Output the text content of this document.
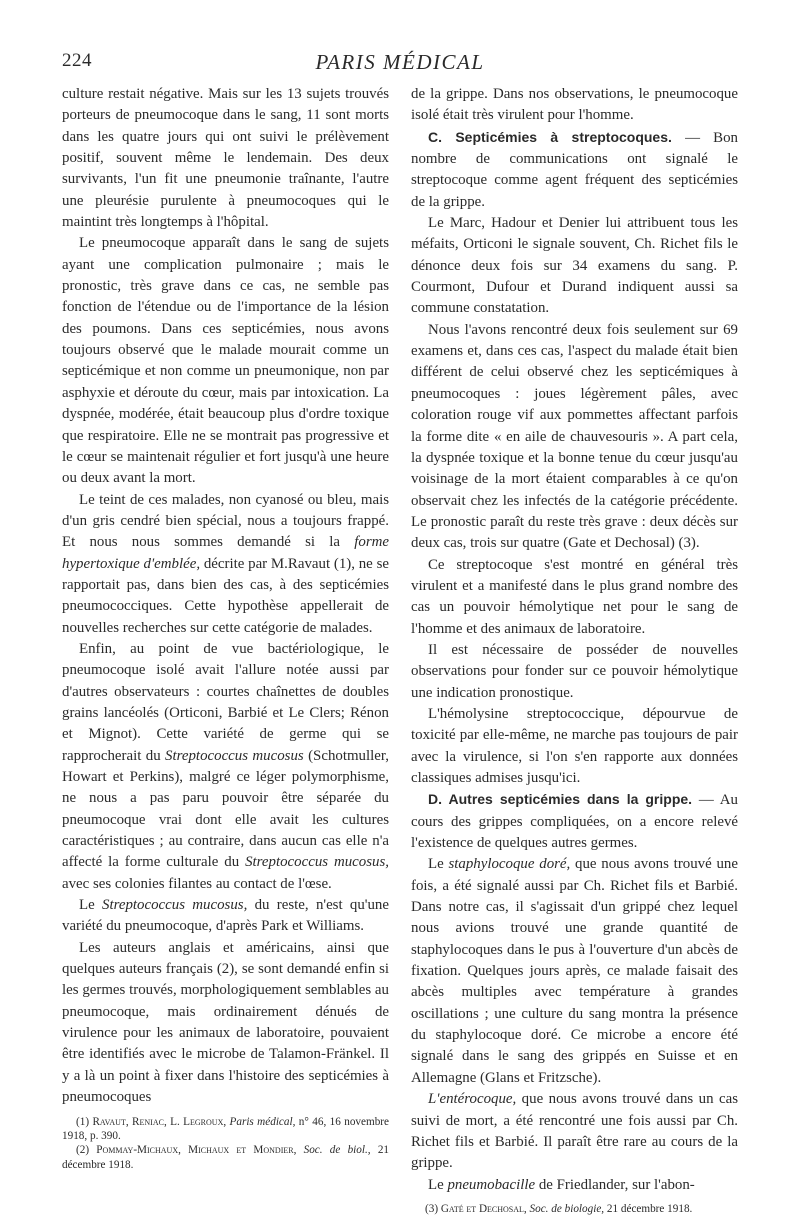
224	PARIS MÉDICAL

culture restait négative. Mais sur les 13 sujets trouvés porteurs de pneumocoque dans le sang, 11 sont morts dans les quatre jours qui ont suivi le prélèvement positif, souvent même le lendemain. Des deux survivants, l'un fit une pneumonie traînante, l'autre une pleurésie purulente à pneumocoques qui le maintint très longtemps à l'hôpital.

Le pneumocoque apparaît dans le sang de sujets ayant une complication pulmonaire ; mais le pronostic, très grave dans ce cas, ne semble pas fonction de l'étendue ou de l'importance de la lésion des poumons. Dans ces septicémies, nous avons toujours observé que le malade mourait comme un septicémique et non comme un pneumonique, non par asphyxie et déroute du cœur, mais par intoxication. La dyspnée, modérée, était beaucoup plus d'ordre toxique que respiratoire. Elle ne se montrait pas progressive et le cœur se maintenait régulier et fort jusqu'à une heure ou deux avant la mort.

Le teint de ces malades, non cyanosé ou bleu, mais d'un gris cendré bien spécial, nous a toujours frappé. Et nous nous sommes demandé si la forme hypertoxique d'emblée, décrite par M.Ravaut (1), ne se rapportait pas, dans bien des cas, à des septicémies pneumococciques. Cette hypothèse appellerait de nouvelles recherches sur cette catégorie de malades.

Enfin, au point de vue bactériologique, le pneumocoque isolé avait l'allure notée aussi par d'autres observateurs : courtes chaînettes de doubles grains lancéolés (Orticoni, Barbié et Le Clers; Rénon et Mignot). Cette variété de germe qui se rapprocherait du Streptococcus mucosus (Schotmuller, Howart et Perkins), malgré ce léger polymorphisme, ne nous a pas paru pouvoir être séparée du pneumocoque vrai dont elle avait les cultures caractéristiques ; au contraire, dans aucun cas elle n'a affecté la forme culturale du Streptococcus mucosus, avec ses colonies filantes au contact de l'œse.

Le Streptococcus mucosus, du reste, n'est qu'une variété du pneumocoque, d'après Park et Williams.

Les auteurs anglais et américains, ainsi que quelques auteurs français (2), se sont demandé enfin si les germes trouvés, morphologiquement semblables au pneumocoque, mais ordinairement dénués de virulence pour les animaux de laboratoire, pouvaient être identifiés avec le microbe de Talamon-Fränkel. Il y a là un point à fixer dans l'histoire des septicémies à pneumocoques

(1) Ravaut, Reniac, L. Legroux, Paris médical, n° 46, 16 novembre 1918, p. 390.

(2) Pommay-Michaux, Michaux et Mondier, Soc. de biol., 21 décembre 1918.

de la grippe. Dans nos observations, le pneumocoque isolé était très virulent pour l'homme.

C. Septicémies à streptocoques. — Bon nombre de communications ont signalé le streptocoque comme agent fréquent des septicémies de la grippe.

Le Marc, Hadour et Denier lui attribuent tous les méfaits, Orticoni le signale souvent, Ch. Richet fils le dénonce deux fois sur 34 examens du sang. P. Courmont, Dufour et Durand indiquent aussi sa commune constatation.

Nous l'avons rencontré deux fois seulement sur 69 examens et, dans ces cas, l'aspect du malade était bien différent de celui observé chez les septicémiques à pneumocoques : joues légèrement pâles, avec coloration rouge vif aux pommettes affectant parfois la forme dite « en aile de chauvesouris ». A part cela, la dyspnée toxique et la bonne tenue du cœur jusqu'au voisinage de la mort étaient comparables à ce qu'on observait chez les infectés de la catégorie précédente. Le pronostic paraît du reste très grave : deux décès sur deux cas, trois sur quatre (Gate et Dechosal) (3).

Ce streptocoque s'est montré en général très virulent et a manifesté dans le plus grand nombre des cas un pouvoir hémolytique net pour le sang de l'homme et des animaux de laboratoire.

Il est nécessaire de posséder de nouvelles observations pour fonder sur ce pouvoir hémolytique une indication pronostique.

L'hémolysine streptococcique, dépourvue de toxicité par elle-même, ne marche pas toujours de pair avec la virulence, si l'on s'en rapporte aux données classiques admises jusqu'ici.

D. Autres septicémies dans la grippe. — Au cours des grippes compliquées, on a encore relevé l'existence de quelques autres germes.

Le staphylocoque doré, que nous avons trouvé une fois, a été signalé aussi par Ch. Richet fils et Barbié. Dans notre cas, il s'agissait d'un grippé chez lequel nous avions trouvé une grande quantité de staphylocoques dans le pus à l'ouverture d'un abcès de fixation. Quelques jours après, ce malade faisait des abcès multiples avec température à grandes oscillations ; une culture du sang montra la présence du staphylocoque doré. Ce microbe a encore été signalé dans le sang des grippés en Suisse et en Allemagne (Glans et Fritzsche).

L'entérocoque, que nous avons trouvé dans un cas suivi de mort, a été rencontré une fois aussi par Ch. Richet fils et Barbié. Il paraît être rare au cours de la grippe.

Le pneumobacille de Friedlander, sur l'abon-

(3) Gaté et Dechosal, Soc. de biologie, 21 décembre 1918.
